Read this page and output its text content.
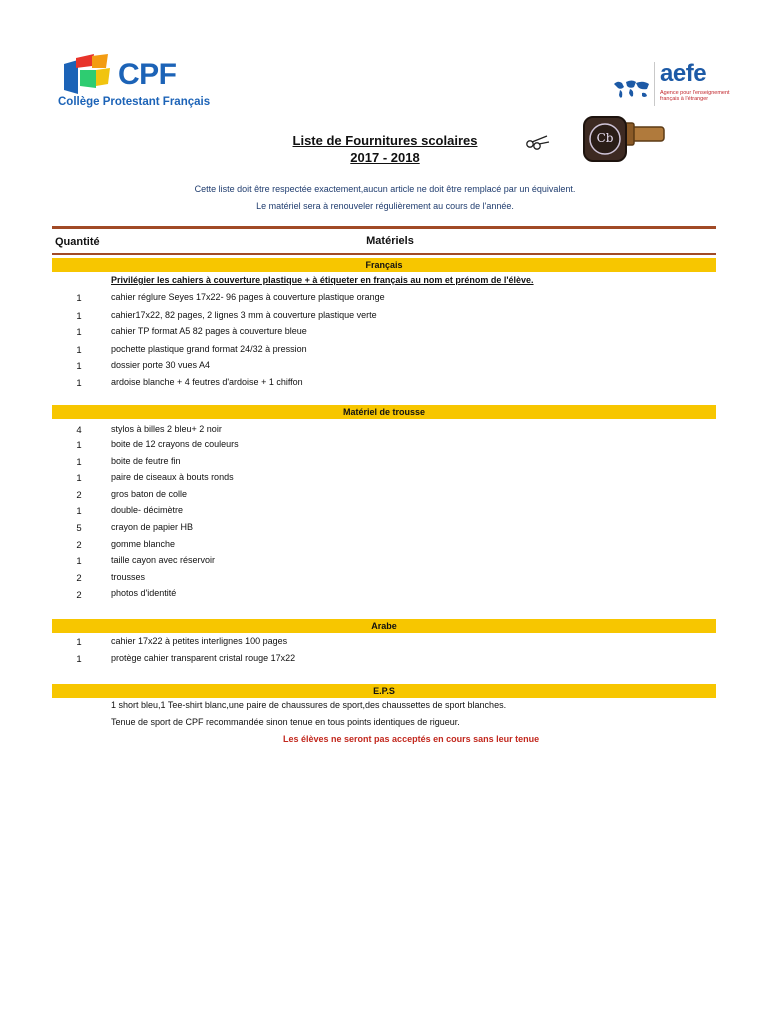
CPF
Collège Protestant Français
aefe
Agence pour l'enseignement français à l'étranger
Liste de Fournitures scolaires
2017 - 2018
Cb
Cette liste doit être respectée exactement,aucun article ne doit être remplacé par un équivalent.
Le matériel sera à renouveler régulièrement au cours de l'année.
Quantité	Matériels
Français
Privilégier les cahiers à couverture plastique + à étiqueter en français au nom et prénom de l'élève.
1	cahier réglure Seyes 17x22- 96 pages à couverture plastique orange
1	cahier17x22, 82 pages, 2 lignes 3 mm à couverture plastique verte
1	cahier TP format A5 82 pages à couverture bleue
1	pochette plastique grand format 24/32 à pression
1	dossier porte 30 vues A4
1	ardoise blanche + 4 feutres d'ardoise + 1 chiffon
Matériel de trousse
4	stylos à billes 2 bleu+ 2 noir
1	boite de 12 crayons de couleurs
1	boite de feutre fin
1	paire de ciseaux à bouts ronds
2	gros baton de colle
1	double- décimètre
5	crayon de papier HB
2	gomme blanche
1	taille cayon avec réservoir
2	trousses
2	photos d'identité
Arabe
1	cahier 17x22 à petites interlignes 100 pages
1	protège cahier transparent cristal rouge 17x22
E.P.S
1 short bleu,1 Tee-shirt blanc,une paire de chaussures de sport,des chaussettes de sport blanches.
Tenue de sport de CPF recommandée sinon tenue en tous points identiques de rigueur.
Les élèves ne seront pas acceptés en cours sans leur tenue
